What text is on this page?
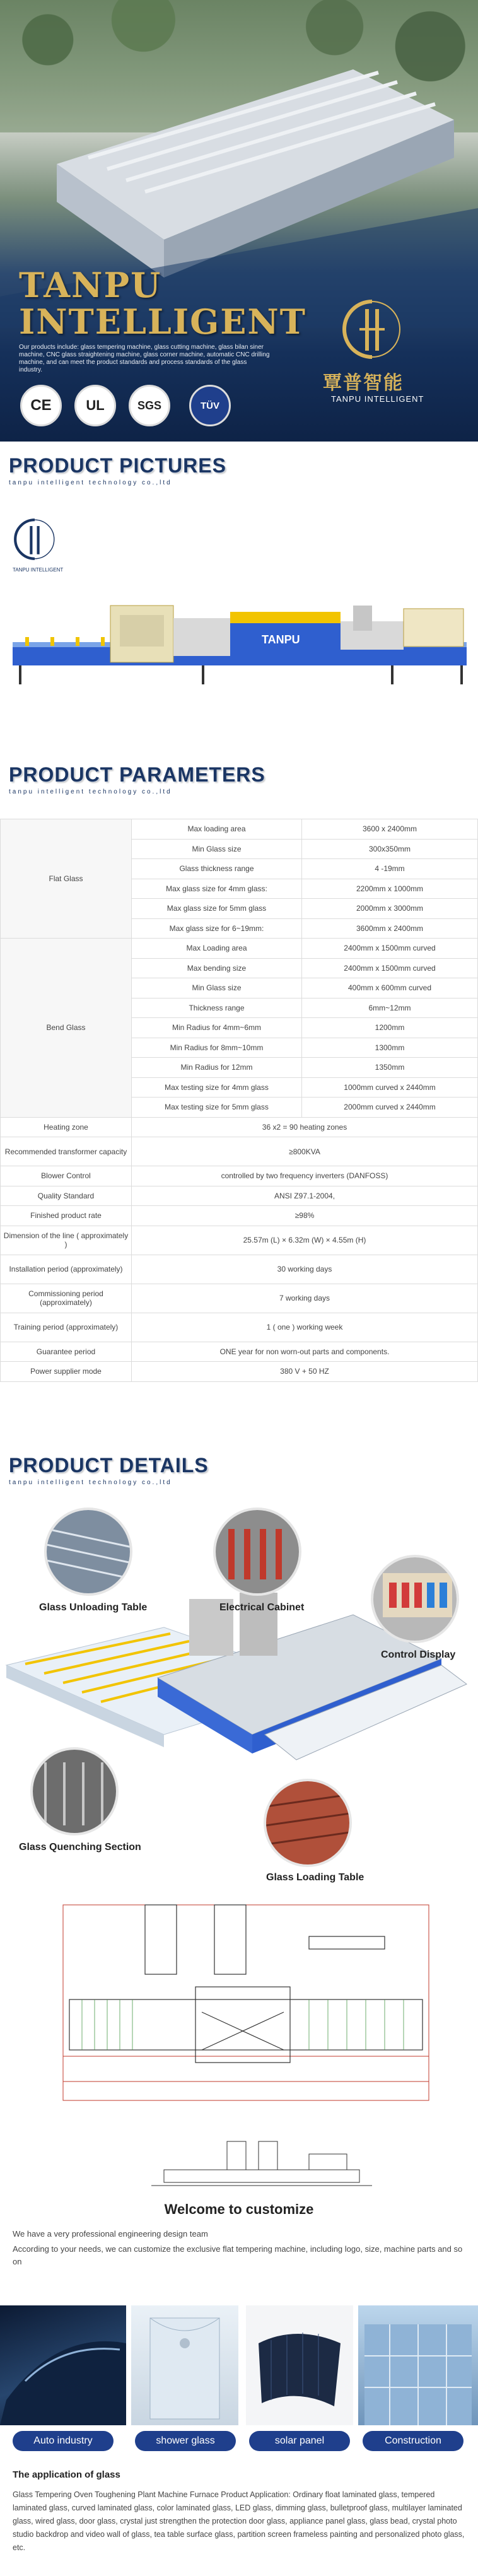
TANPU
INTELLIGENT
Our products include: glass tempering machine, glass cutting machine, glass bilan siner machine, CNC glass straightening machine, glass corner machine, automatic CNC drilling machine, and can meet the product standards and process standards of the glass industry.
覃普智能
TANPU INTELLIGENT
CE	UL	SGS	TÜV
PRODUCT PICTURES
tanpu intelligent technology co.,ltd
TANPU INTELLIGENT
TANPU
PRODUCT PARAMETERS
tanpu intelligent technology co.,ltd
Flat Glass	Max loading area	3600 x 2400mm
	Min Glass size	300x350mm
	Glass thickness range	4 -19mm
	Max glass size for 4mm glass:	2200mm x 1000mm
	Max glass size for 5mm glass	2000mm x 3000mm
	Max glass size for 6~19mm:	3600mm x 2400mm
Bend Glass	Max Loading area	2400mm x 1500mm curved
	Max bending size	2400mm x 1500mm curved
	Min Glass size	400mm x 600mm curved
	Thickness range	6mm~12mm
	Min Radius for 4mm~6mm	1200mm
	Min Radius for 8mm~10mm	1300mm
	Min Radius for 12mm	1350mm
	Max testing size for 4mm glass	1000mm curved x 2440mm
	Max testing size for 5mm glass	2000mm curved x 2440mm
Heating zone	36 x2 = 90 heating zones	
Recommended transformer capacity	≥800KVA	
Blower Control	controlled by two frequency inverters (DANFOSS)	
Quality Standard	ANSI Z97.1-2004,	
Finished product rate	≥98%	
Dimension of the line ( approximately )	25.57m (L) × 6.32m (W) × 4.55m (H)	
Installation period (approximately)	30 working days	
Commissioning period (approximately)	7 working days	
Training period (approximately)	1 ( one ) working week	
Guarantee period	ONE year for non worn-out parts and components.	
Power supplier mode	380 V + 50 HZ	
PRODUCT DETAILS
tanpu intelligent technology co.,ltd
Glass Unloading Table	Electrical Cabinet
Control Display
Glass Quenching Section
Glass Loading Table
Welcome to customize
We have a very professional engineering design team
According to your needs, we can customize the exclusive flat tempering machine, including logo, size, machine parts and so on
Auto industry	shower glass	solar panel	Construction
The application of glass
Glass Tempering Oven Toughening Plant Machine Furnace Product Application: Ordinary float laminated glass, tempered laminated glass, curved laminated glass, color laminated glass, LED glass, dimming glass, bulletproof glass, multilayer laminated glass, wired glass, door glass, crystal just strengthen the protection door glass, appliance panel glass, glass bead, crystal photo studio backdrop and video wall of glass, tea table surface glass, partition screen frameless painting and personalized photo glass, etc.
